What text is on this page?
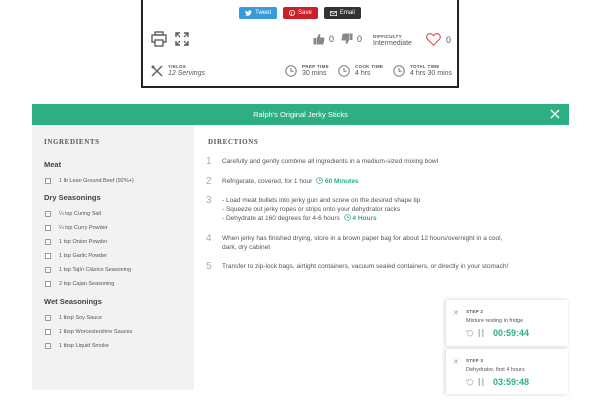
Tweet	Save	Email
0	0 DIFFICULTY
Intermediate	0
YIELDS
12 Servings
PREP TIME
30 mins
COOK TIME
4 hrs
TOTAL TIME
4 hrs 30 mins
Ralph's Original Jerky Sticks
INGREDIENTS
Meat
1 lb Lean Ground Beef (92%+)
Dry Seasonings
¼ tsp Curing Salt
¼ tsp Curry Powder
1 tsp Onion Powder
1 tsp Garlic Powder
1 tsp Tajín Clásico Seasoning
2 tsp Cajan Seasoning
Wet Seasonings
1 tbsp Soy Sauce
1 tbsp Worcestershire Sauces
1 tbsp Liquid Smoke
DIRECTIONS
1	Carefully and gently combine all ingredients in a medium-sized mixing bowl
2	Refrigerate, covered, for 1 hour 60 Minutes
3	- Load meat bullets into jerky gun and screw on the desired shape tip
- Squeeze out jerky ropes or strips onto your dehydrator racks
- Dehydrate at 160 degrees for 4-6 hours 4 Hours
4	When jerky has finished drying, store in a brown paper bag for about 12 hours/overnight in a cool,
dark, dry cabinet
5	Transfer to zip-lock bags, airtight containers, vacuum sealed containers, or directly in your stomach!
✕ STEP 2
Mixture resting in fridge
00:59:44
✕ STEP 3
Dehydrator, first 4 hours
03:59:48
